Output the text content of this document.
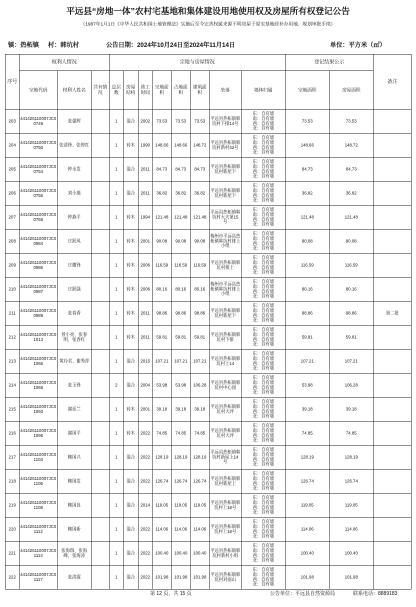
平远县“房地一体”农村宅基地和集体建设用地使用权及房屋所有权登记公告
（1987年1月1日《中华人民共和国土地管理法》实施后至今完善权属来源不明房屋于原宅基地经补办用地、规划审批手续）
镇：热柘镇 村：韩坑村 公告日期：2024年10月24日至2024年11月14日	单位：平方米（㎡）
序号	权利人情况			宗地与房屋情况								登记结果公示		备注
	宗地代码	权利人姓名	共有情况	总层数	房屋结构	竣工时间	宗地面积	占地面积	建筑面积	坐落	墙体归属	宗地面积	房屋面积	
203	441426110007JC00749	张强辉		1	混合	2002	73.53	73.53	73.53	平远县热柘镇韩坑村下排14号	东：自有墙
南：自有墙
西：自有墙
北：自有墙	73.53	73.53	
204	441426110007JC00750	张清锋、张婷红		1	砖木	1990	148.66	148.66	148.72	平远县热柘镇韩坑村新村42号	东：自有墙
南：自有墙
西：自有墙
北：自有墙	148.66	148.72	
205	441426110007JC00754	钟永发		1	混合	2011	84.73	84.73	84.73	平远县热柘镇韩坑村新屋下	东：自有墙
南：自有墙
西：自有墙
北：自有墙	84.73	84.73	
206	441426110007JC00756	刘小燕		1	混合	2011	36.82	36.82	36.82	平远县热柘镇韩坑村新屋下	东：自有墙
南：自有墙
西：自有墙
北：自有墙	36.82	36.82	
207	441426110007JC00768	钟燕平		1	砖木	1994	121.48	121.48	121.48	平远县热柘镇韩坑村大夫第15号	东：自有墙
南：自有墙
西：自有墙
北：自有墙	121.48	121.48	
208	441426110007JC00984	庄跃凤		1	砖木	2001	90.08	90.08	90.08	梅州市平远县热柘镇韩坑村排上小组	东：自有墙
南：自有墙
西：自有墙
北：自有墙	90.08	90.08	
209	441426110007JC00986	庄耀锋		1	砖木	2006	116.59	116.59	116.59	平远县热柘镇韩坑村排上	东：自有墙
南：自有墙
西：自有墙
北：自有墙	116.59	116.59	
210	441426110007JC00987	庄跃强		1	砖木	2006	80.16	80.16	80.16	梅州市平远县热柘镇韩坑村排上小组	东：自有墙
南：自有墙
西：自有墙
北：自有墙	80.16	80.16	
211	441426110007JC00989	张春香		1	砖木	2011	98.86	98.86	98.86	平远县热柘镇韩坑村新屋下	东：自有墙
南：自有墙
西：自有墙
北：自有墙	98.86	98.86	第二批
212	441426110007JC01013	曾小亮、张春明、张春红		1	砖木	2011	59.81	59.81	59.81	平远县热柘镇韩坑村下排	东：自有墙
南：自有墙
西：自有墙
北：自有墙	59.81	59.81	
213	441426110007JC01066	黄玲君、谢秀萍		1	混合	2015	107.21	107.21	107.21	平远县热柘镇韩坑村上14	东：自有墙
南：自有墙
西：自有墙
北：自有墙	107.21	107.21	
214	441426110007JC01068	张玉锋		2	混合	2004	53.98	53.98	106.28	平远县热柘镇韩坑村中心园	东：自有墙
南：自有墙
西：自有墙
北：自有墙	53.98	106.28	
215	441426110007JC01093	谢廷兰		1	砖木	2001	39.18	39.18	39.18	平远县热柘镇韩坑村大坪	东：自有墙
南：自有墙
西：自有墙
北：自有墙	39.18	39.18	
216	441426110007JC01096	谢国平		1	砖木	2022	74.85	74.85	74.85	平远县热柘镇韩坑村大坪	东：自有墙
南：自有墙
西：自有墙
北：自有墙	74.85	74.85	
217	441426110007JC01103	赖国兴		1	混合	2022	128.19	128.19	128.19	平远县热柘镇韩坑村新屋上14号	东：自有墙
南：自有墙
西：自有墙
北：自有墙	128.19	128.19	
218	441426110007JC01105	赖国发		1	混合	2022	126.74	126.74	126.74	平远县热柘镇韩坑村新屋上	东：自有墙
南：自有墙
西：自有墙
北：自有墙	126.74	126.74	
219	441426110007JC01108	赖国良		1	混合	2014	119.05	119.05	119.05	平远县热柘镇韩坑村上18号	东：自有墙
南：自有墙
西：自有墙
北：自有墙	119.05	119.05	
220	441426110007JC01112	赖国新		1	混合	2022	114.06	114.06	114.06	平远县热柘镇韩坑村上18号	东：自有墙
南：自有墙
西：自有墙
北：自有墙	114.06	114.06	
221	441426110007JC01114	张海瑞、张海峰、张海涛		1	混合	2022	100.40	100.40	100.40	平远县热柘镇韩坑村新村小组	东：自有墙
南：自有墙
西：自有墙
北：自有墙	100.40	100.40	
222	441426110007JC01117	张清霞		1	混合	2022	101.98	101.98	101.98	平远县热柘镇韩坑村对面山	东：自有墙
南：自有墙
西：自有墙
北：自有墙	101.98	101.98	
第 12 页，共 15 页	公告单位：平远县自然资源局 联系电话：8889183
